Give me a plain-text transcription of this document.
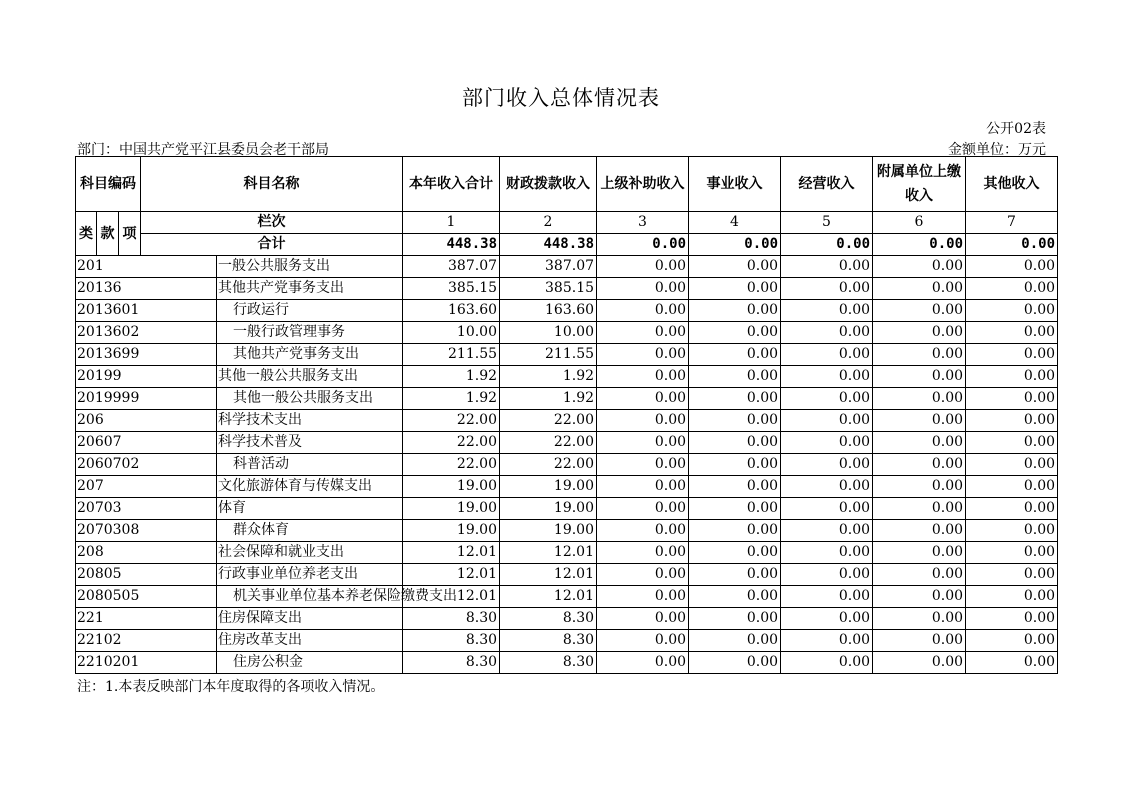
部门收入总体情况表
公开02表
部门：中国共产党平江县委员会老干部局	金额单位：万元
科目编码			科目名称		本年收入合计	财政拨款收入	上级补助收入	事业收入	经营收入	附属单位上缴收入	其他收入
类	款	项	栏次		1	2	3	4	5	6	7
			合计		448.38	448.38	0.00	0.00	0.00	0.00	0.00
201				一般公共服务支出	387.07	387.07	0.00	0.00	0.00	0.00	0.00
20136				其他共产党事务支出	385.15	385.15	0.00	0.00	0.00	0.00	0.00
2013601				行政运行	163.60	163.60	0.00	0.00	0.00	0.00	0.00
2013602				一般行政管理事务	10.00	10.00	0.00	0.00	0.00	0.00	0.00
2013699				其他共产党事务支出	211.55	211.55	0.00	0.00	0.00	0.00	0.00
20199				其他一般公共服务支出	1.92	1.92	0.00	0.00	0.00	0.00	0.00
2019999				其他一般公共服务支出	1.92	1.92	0.00	0.00	0.00	0.00	0.00
206				科学技术支出	22.00	22.00	0.00	0.00	0.00	0.00	0.00
20607				科学技术普及	22.00	22.00	0.00	0.00	0.00	0.00	0.00
2060702				科普活动	22.00	22.00	0.00	0.00	0.00	0.00	0.00
207				文化旅游体育与传媒支出	19.00	19.00	0.00	0.00	0.00	0.00	0.00
20703				体育	19.00	19.00	0.00	0.00	0.00	0.00	0.00
2070308				群众体育	19.00	19.00	0.00	0.00	0.00	0.00	0.00
208				社会保障和就业支出	12.01	12.01	0.00	0.00	0.00	0.00	0.00
20805				行政事业单位养老支出	12.01	12.01	0.00	0.00	0.00	0.00	0.00
2080505				机关事业单位基本养老保险缴费支出	12.01	12.01	0.00	0.00	0.00	0.00	0.00
221				住房保障支出	8.30	8.30	0.00	0.00	0.00	0.00	0.00
22102				住房改革支出	8.30	8.30	0.00	0.00	0.00	0.00	0.00
2210201				住房公积金	8.30	8.30	0.00	0.00	0.00	0.00	0.00
注：1.本表反映部门本年度取得的各项收入情况。
